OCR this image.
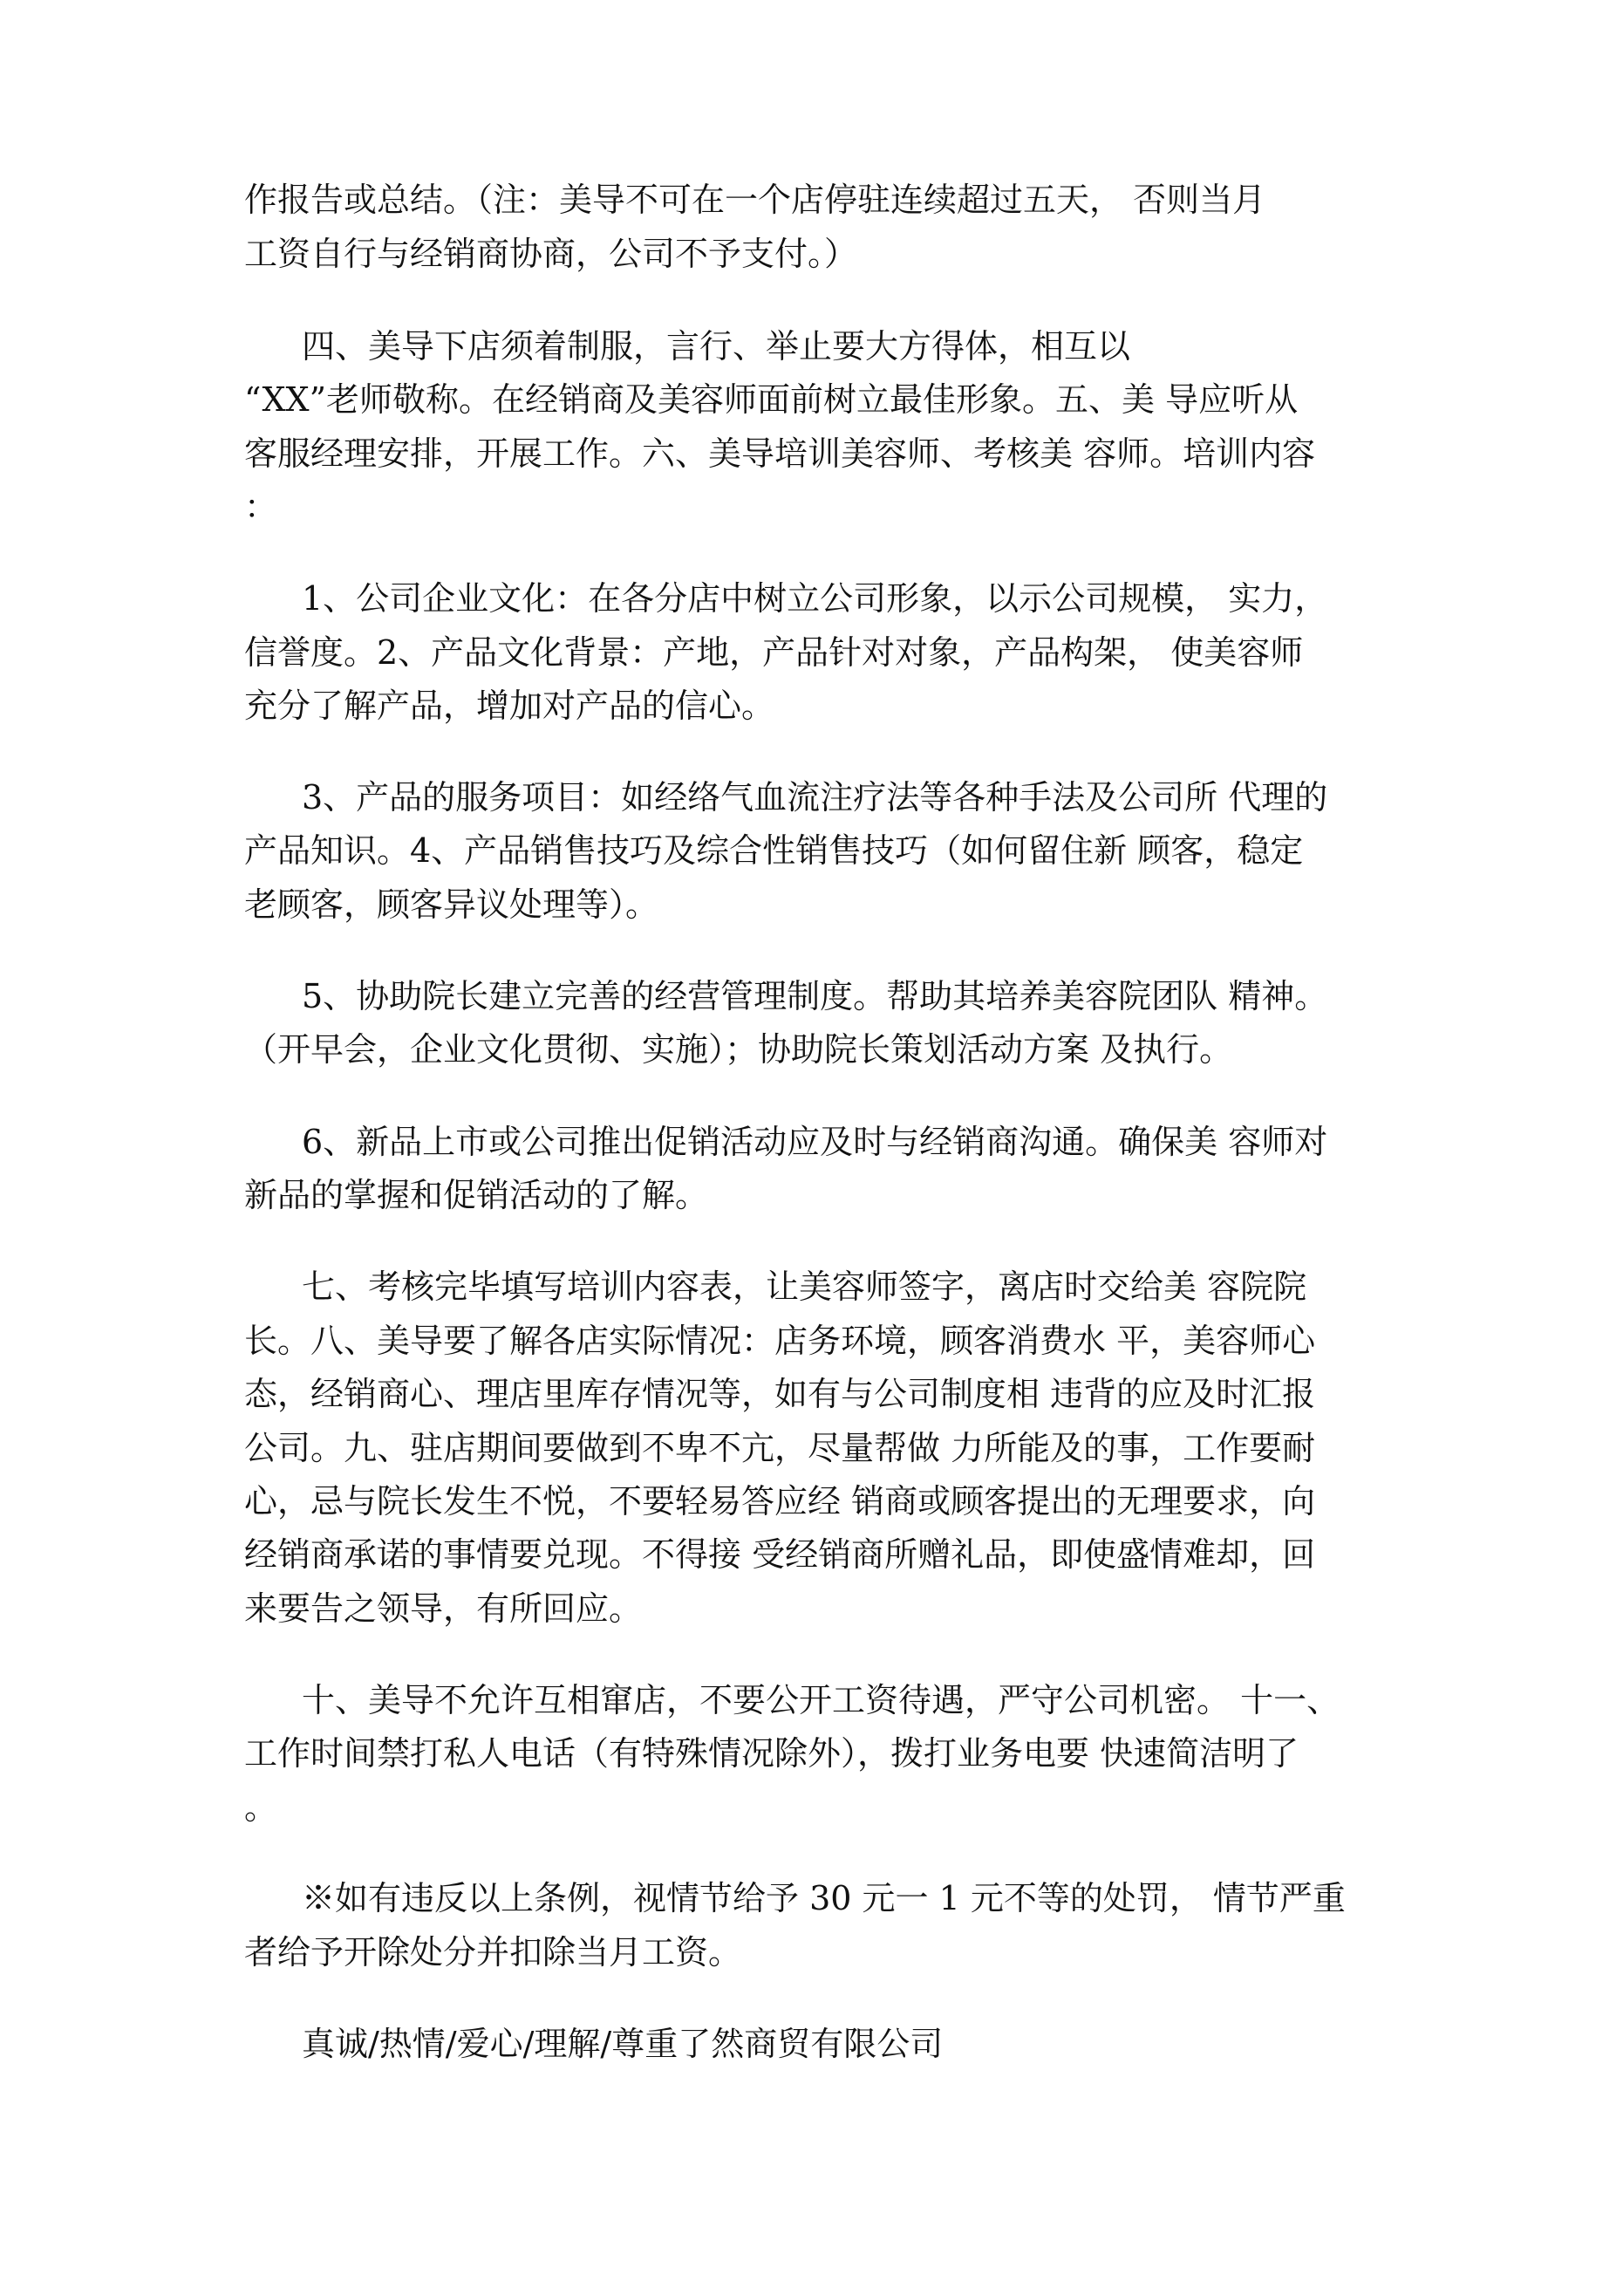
作报告或总结。（注：美导不可在一个店停驻连续超过五天， 否则当月

工资自行与经销商协商，公司不予支付。）

四、美导下店须着制服，言行、举止要大方得体，相互以

“XX”老师敬称。在经销商及美容师面前树立最佳形象。五、美 导应听从

客服经理安排，开展工作。六、美导培训美容师、考核美 容师。培训内容

：

1、公司企业文化：在各分店中树立公司形象，以示公司规模， 实力，

信誉度。2、产品文化背景：产地，产品针对对象，产品构架， 使美容师

充分了解产品，增加对产品的信心。

3、产品的服务项目：如经络气血流注疗法等各种手法及公司所 代理的

产品知识。4、产品销售技巧及综合性销售技巧（如何留住新 顾客，稳定

老顾客，顾客异议处理等）。

5、协助院长建立完善的经营管理制度。帮助其培养美容院团队 精神。

（开早会，企业文化贯彻、实施）；协助院长策划活动方案 及执行。

6、新品上市或公司推出促销活动应及时与经销商沟通。确保美 容师对

新品的掌握和促销活动的了解。

七、考核完毕填写培训内容表，让美容师签字，离店时交给美 容院院

长。八、美导要了解各店实际情况：店务环境，顾客消费水 平，美容师心

态，经销商心、理店里库存情况等，如有与公司制度相 违背的应及时汇报

公司。九、驻店期间要做到不卑不亢，尽量帮做 力所能及的事，工作要耐

心，忌与院长发生不悦，不要轻易答应经 销商或顾客提出的无理要求，向

经销商承诺的事情要兑现。不得接 受经销商所赠礼品，即使盛情难却，回

来要告之领导，有所回应。

十、美导不允许互相窜店，不要公开工资待遇，严守公司机密。 十一、

工作时间禁打私人电话（有特殊情况除外），拨打业务电要 快速简洁明了

。

※如有违反以上条例，视情节给予 30 元一 1 元不等的处罚， 情节严重

者给予开除处分并扣除当月工资。

真诚/热情/爱心/理解/尊重了然商贸有限公司
